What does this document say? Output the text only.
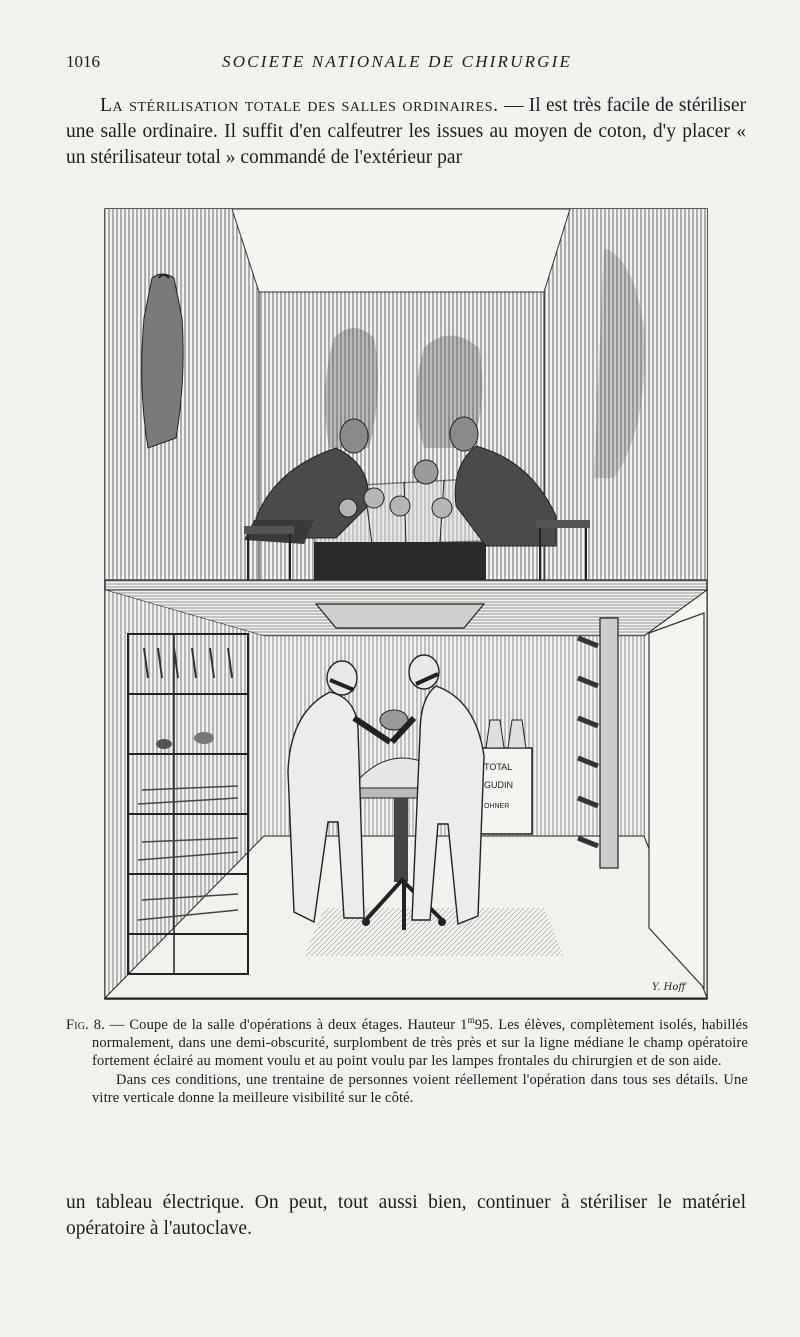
1016	SOCIETE NATIONALE DE CHIRURGIE
La stérilisation totale des salles ordinaires. — Il est très facile de stériliser une salle ordinaire. Il suffit d'en calfeutrer les issues au moyen de coton, d'y placer « un stérilisateur total » commandé de l'extérieur par
TOTAL
GUDIN
OHNER
Y. Hoff

Fig. 8. — Coupe de la salle d'opérations à deux étages. Hauteur 1$^m$95. Les élèves, complètement isolés, habillés normalement, dans une demi-obscurité, surplombent de très près et sur la ligne médiane le champ opératoire fortement éclairé au moment voulu et au point voulu par les lampes frontales du chirurgien et de son aide.

Dans ces conditions, une trentaine de personnes voient réellement l'opération dans tous ses détails. Une vitre verticale donne la meilleure visibilité sur le côté.

un tableau électrique. On peut, tout aussi bien, continuer à stériliser le matériel opératoire à l'autoclave.
